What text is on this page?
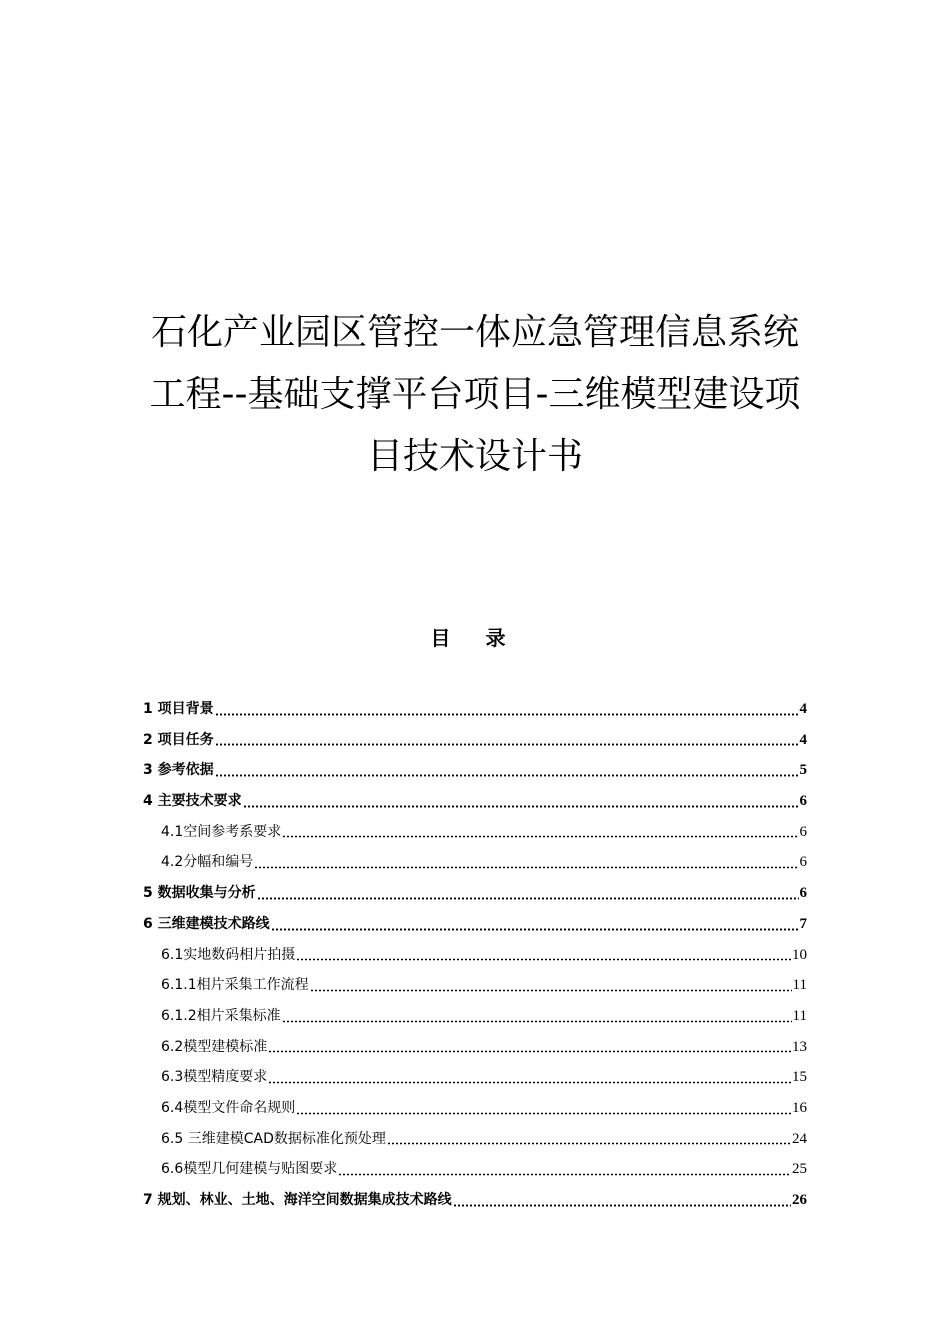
石化产业园区管控一体应急管理信息系统
工程--基础支撑平台项目-三维模型建设项
目技术设计书
目 录
1 项目背景	4
2 项目任务	4
3 参考依据	5
4 主要技术要求	6
4.1空间参考系要求	6
4.2分幅和编号	6
5 数据收集与分析	6
6 三维建模技术路线	7
6.1实地数码相片拍摄	10
6.1.1相片采集工作流程	11
6.1.2相片采集标准	11
6.2模型建模标准	13
6.3模型精度要求	15
6.4模型文件命名规则	16
6.5 三维建模CAD数据标准化预处理	24
6.6模型几何建模与贴图要求	25
7 规划、林业、土地、海洋空间数据集成技术路线	26
